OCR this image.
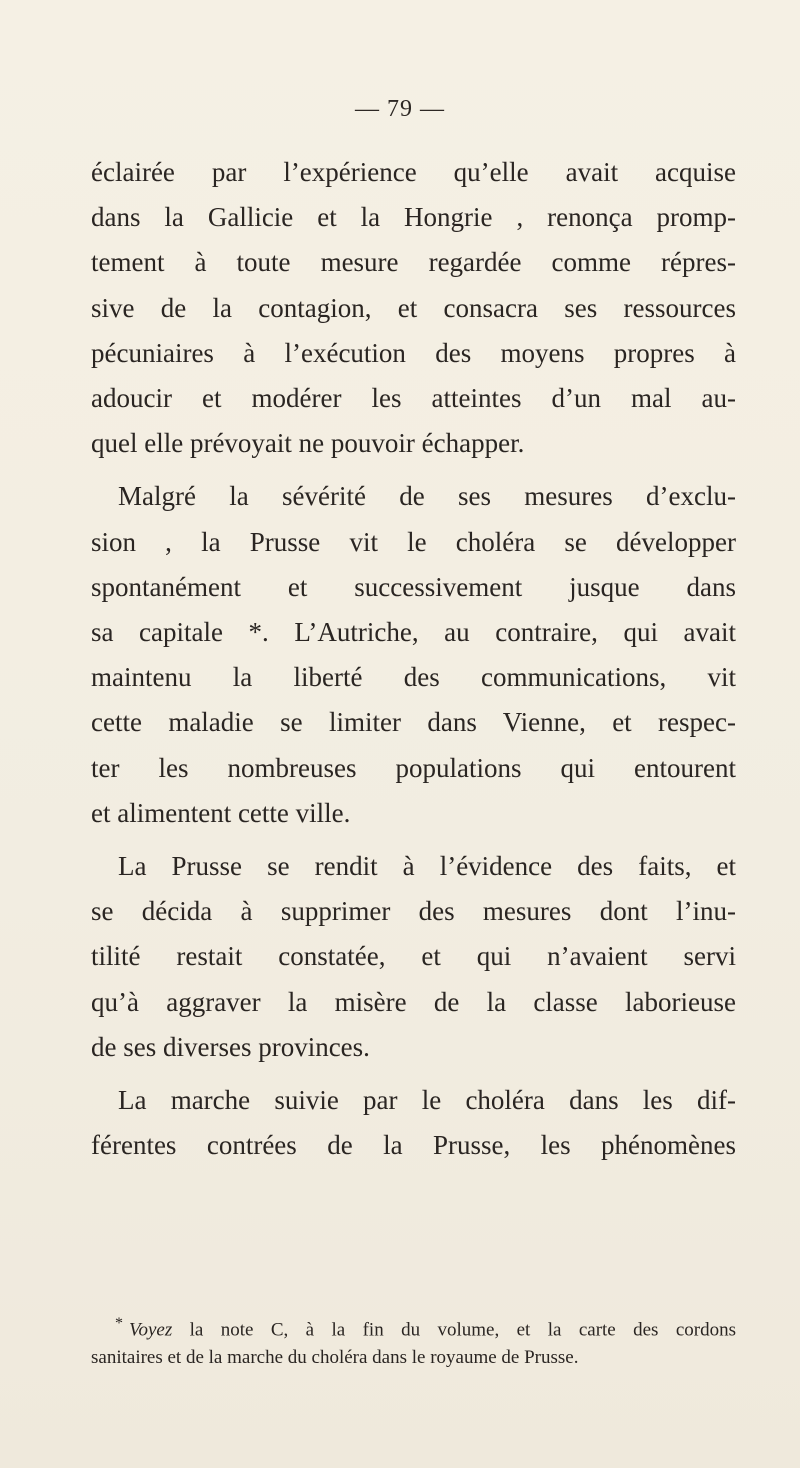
— 79 —
éclairée par l’expérience qu’elle avait acquise
dans la Gallicie et la Hongrie , renonça promp-
tement à toute mesure regardée comme répres-
sive de la contagion, et consacra ses ressources
pécuniaires à l’exécution des moyens propres à
adoucir et modérer les atteintes d’un mal au-
quel elle prévoyait ne pouvoir échapper.
Malgré la sévérité de ses mesures d’exclu-
sion , la Prusse vit le choléra se développer
spontanément et successivement jusque dans
sa capitale *. L’Autriche, au contraire, qui avait
maintenu la liberté des communications, vit
cette maladie se limiter dans Vienne, et respec-
ter les nombreuses populations qui entourent
et alimentent cette ville.
La Prusse se rendit à l’évidence des faits, et
se décida à supprimer des mesures dont l’inu-
tilité restait constatée, et qui n’avaient servi
qu’à aggraver la misère de la classe laborieuse
de ses diverses provinces.
La marche suivie par le choléra dans les dif-
férentes contrées de la Prusse, les phénomènes
* Voyez la note C, à la fin du volume, et la carte des cordons
sanitaires et de la marche du choléra dans le royaume de Prusse.
